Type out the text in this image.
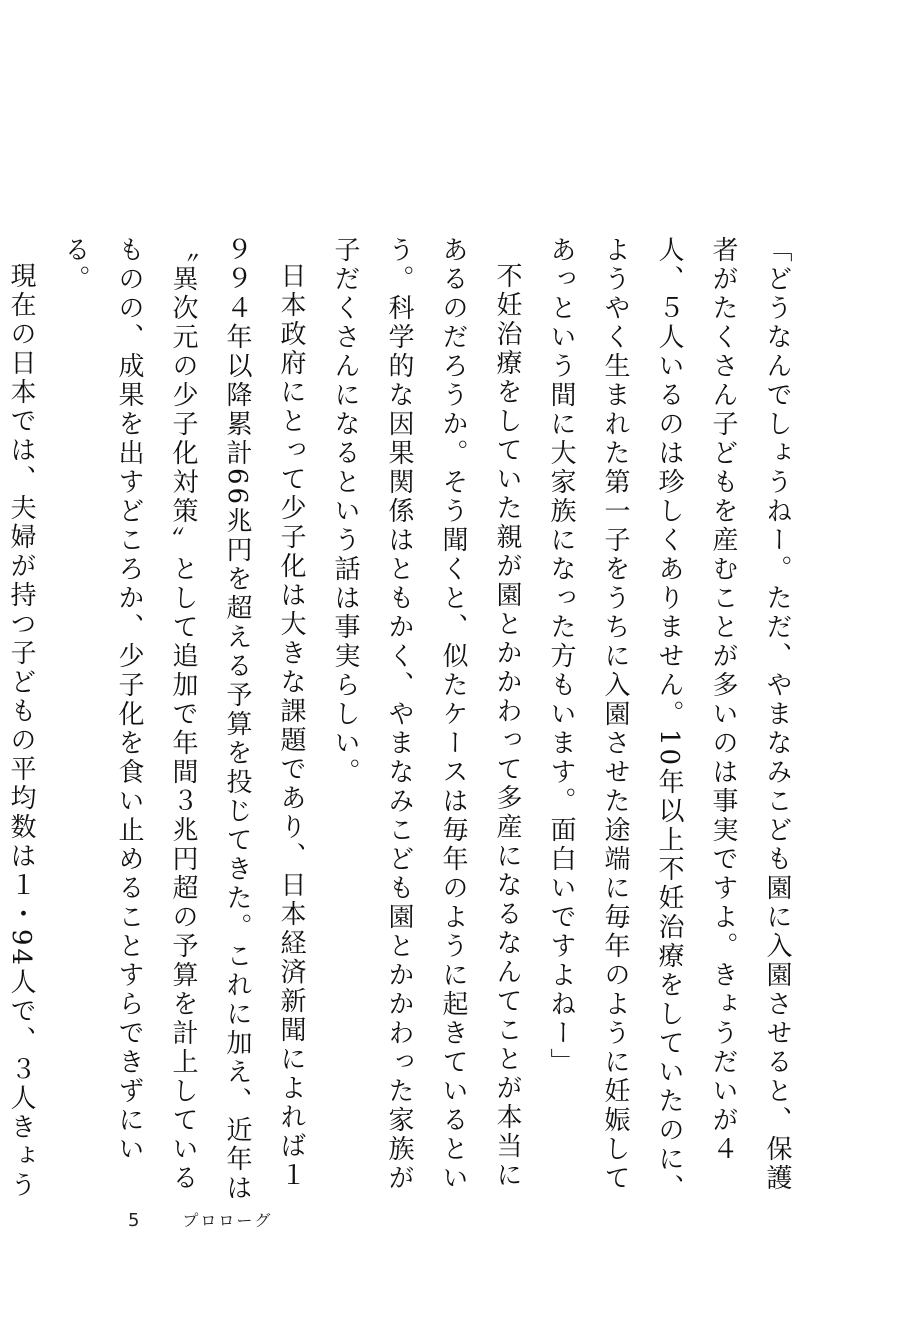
「どうなんでしょうねー。ただ、やまなみこども園に入園させると、保護者がたくさん子どもを産むことが多いのは事実ですよ。きょうだいが４人、５人いるのは珍しくありません。10年以上不妊治療をしていたのに、ようやく生まれた第一子をうちに入園させた途端に毎年のように妊娠してあっという間に大家族になった方もいます。面白いですよねー」

不妊治療をしていた親が園とかかわって多産になるなんてことが本当にあるのだろうか。そう聞くと、似たケースは毎年のように起きているという。科学的な因果関係はともかく、やまなみこども園とかかわった家族が子だくさんになるという話は事実らしい。

日本政府にとって少子化は大きな課題であり、日本経済新聞によれば１９９４年以降累計66兆円を超える予算を投じてきた。これに加え、近年は〝異次元の少子化対策〟として追加で年間３兆円超の予算を計上しているものの、成果を出すどころか、少子化を食い止めることすらできずにいる。

現在の日本では、夫婦が持つ子どもの平均数は１・94人で、３人きょう

5	プロローグ
